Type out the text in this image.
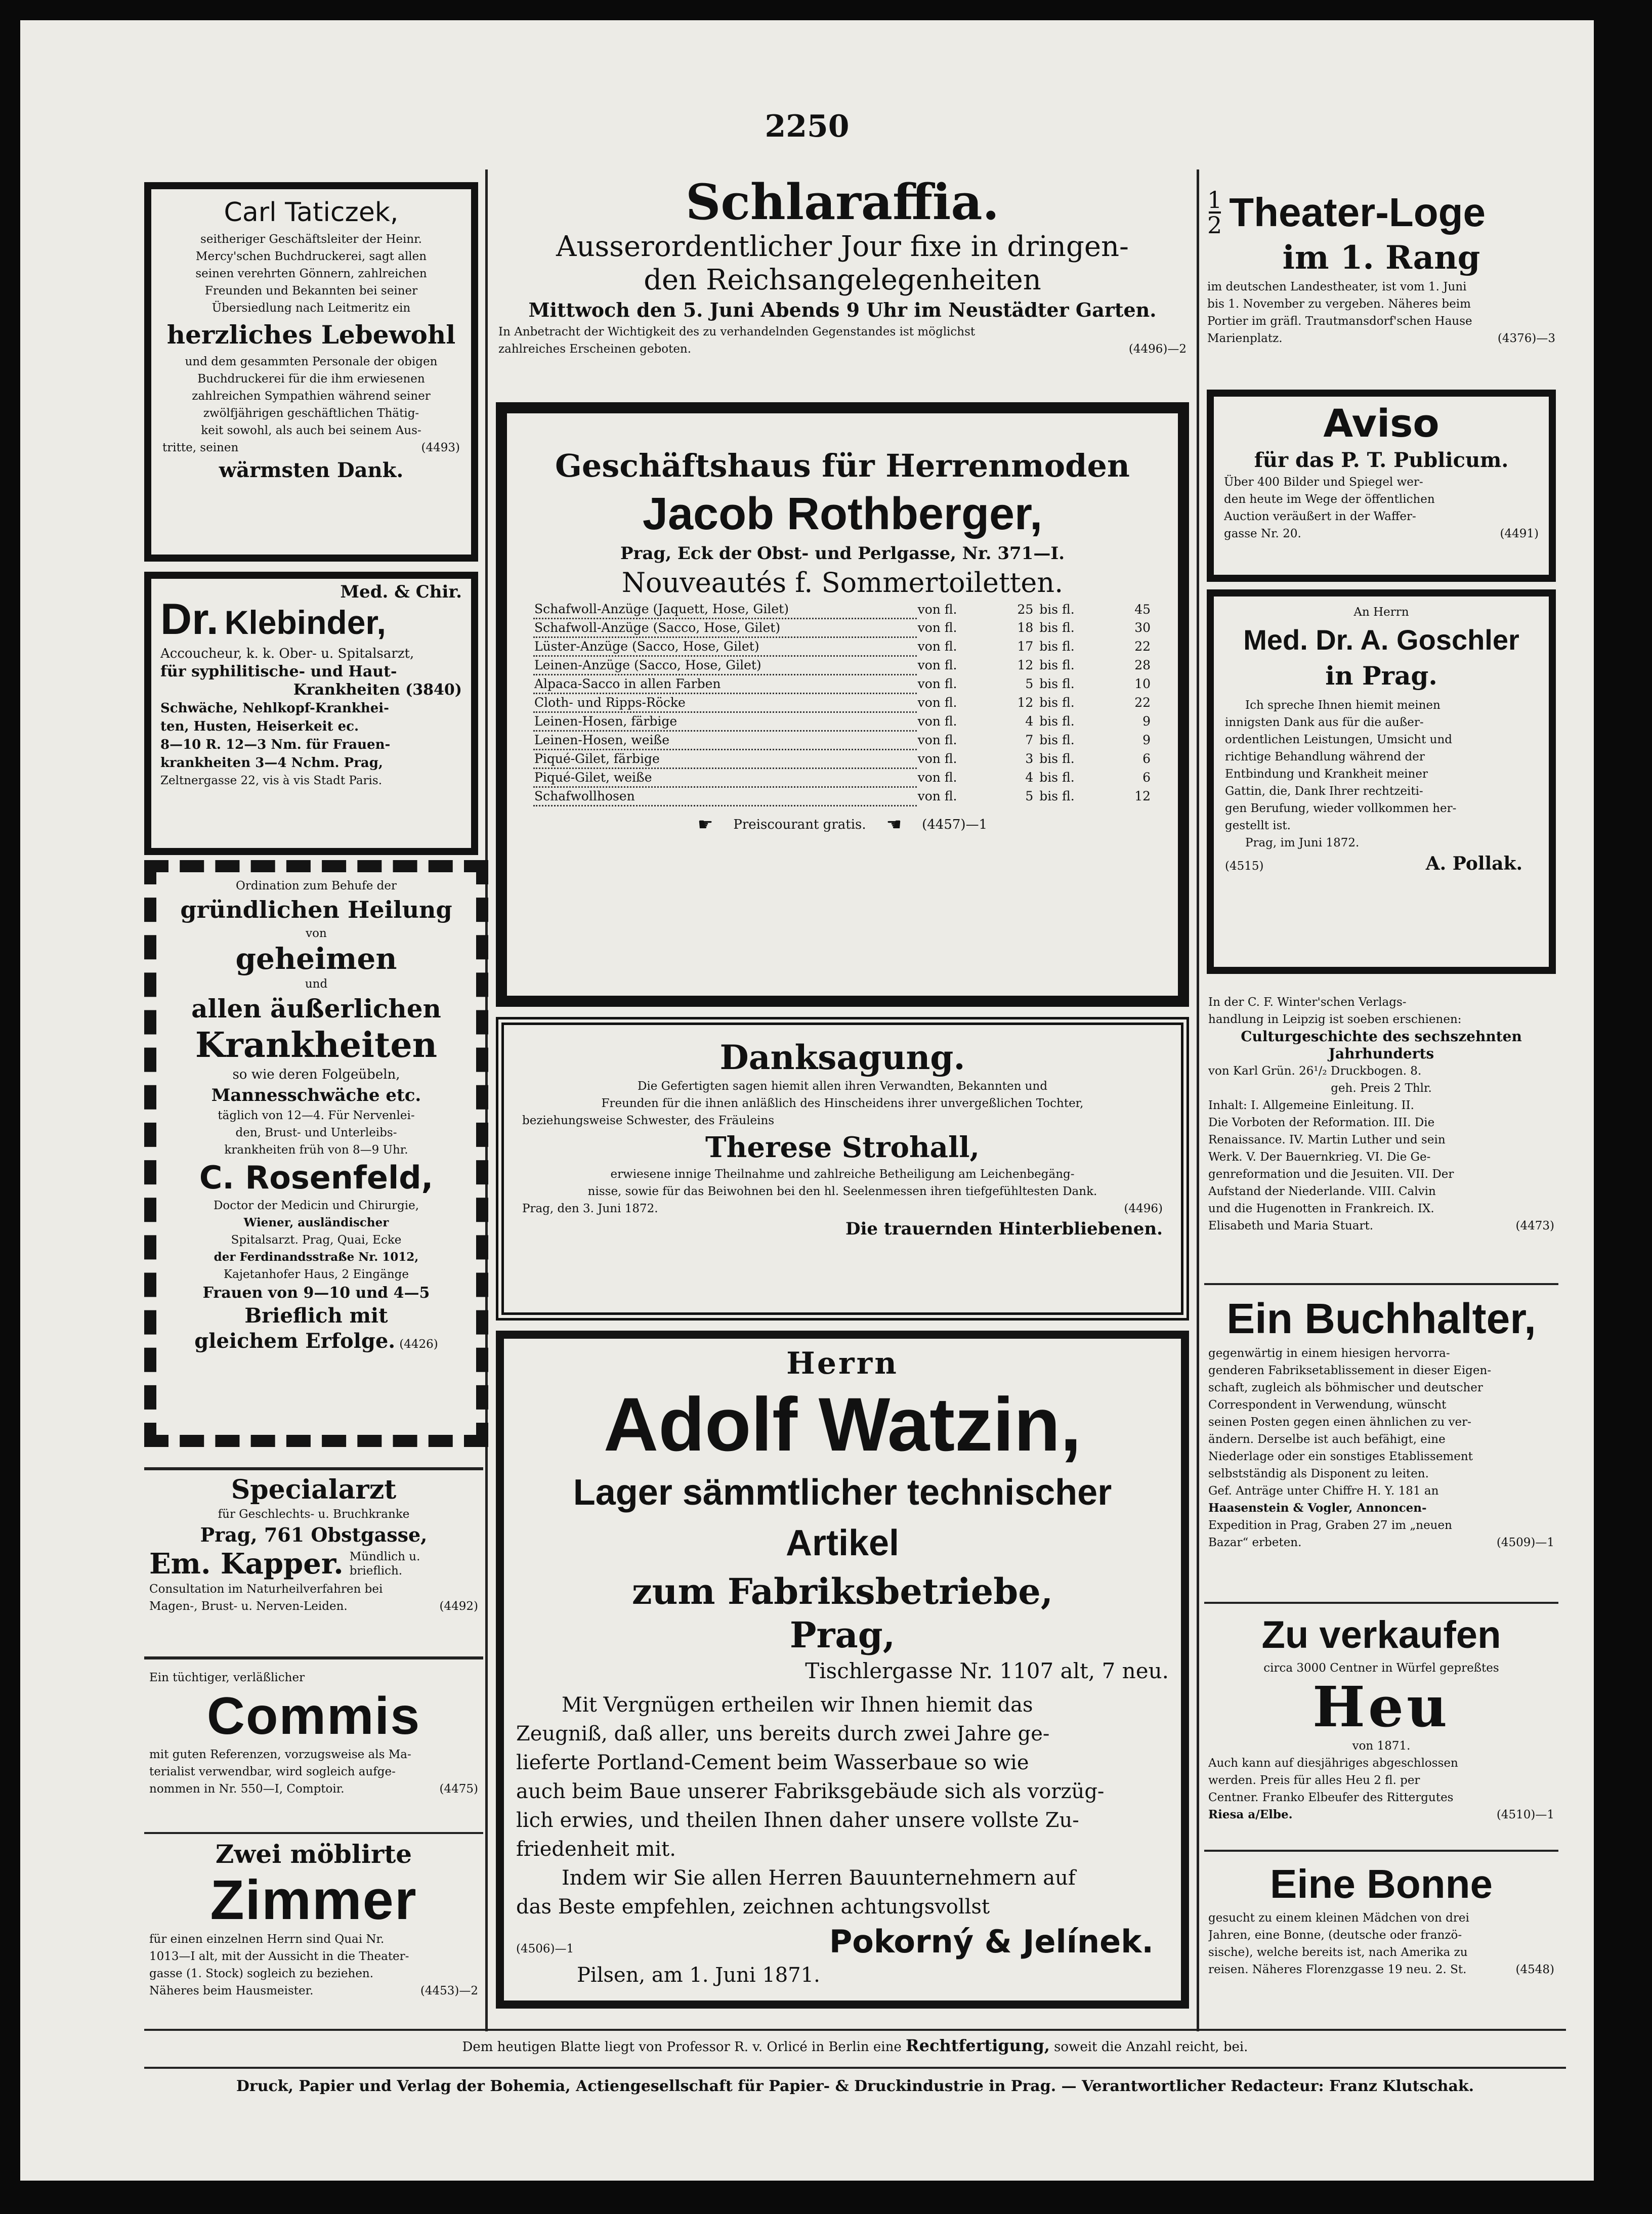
2250
Carl Taticzek,
seitheriger Geschäftsleiter der Heinr.
Mercy'schen Buchdruckerei, sagt allen
seinen verehrten Gönnern, zahlreichen
Freunden und Bekannten bei seiner
Übersiedlung nach Leitmeritz ein
herzliches Lebewohl
und dem gesammten Personale der obigen
Buchdruckerei für die ihm erwiesenen
zahlreichen Sympathien während seiner
zwölfjährigen geschäftlichen Thätig-
keit sowohl, als auch bei seinem Aus-
tritte, seinen	(4493)
wärmsten Dank.
Med. & Chir.
Dr. Klebinder,
Accoucheur, k. k. Ober- u. Spitalsarzt,
für syphilitische- und Haut-
Krankheiten (3840)
Schwäche, Nehlkopf-Krankhei-
ten, Husten, Heiserkeit ec.
8—10 R. 12—3 Nm. für Frauen-
krankheiten 3—4 Nchm. Prag,
Zeltnergasse 22, vis à vis Stadt Paris.
Ordination zum Behufe der
gründlichen Heilung
von
geheimen
und
allen äußerlichen
Krankheiten
so wie deren Folgeübeln,
Mannesschwäche etc.
täglich von 12—4. Für Nervenlei-
den, Brust- und Unterleibs-
krankheiten früh von 8—9 Uhr.
C. Rosenfeld,
Doctor der Medicin und Chirurgie,
Wiener, ausländischer
Spitalsarzt. Prag, Quai, Ecke
der Ferdinandsstraße Nr. 1012,
Kajetanhofer Haus, 2 Eingänge
Frauen von 9—10 und 4—5
Brieflich mit
gleichem Erfolge. (4426)
Specialarzt
für Geschlechts- u. Bruchkranke
Prag, 761 Obstgasse,
Em. Kapper. Mündlich u.
brieflich.
Consultation im Naturheilverfahren bei
Magen-, Brust- u. Nerven-Leiden.	(4492)
Ein tüchtiger, verläßlicher
Commis
mit guten Referenzen, vorzugsweise als Ma-
terialist verwendbar, wird sogleich aufge-
nommen in Nr. 550—I, Comptoir.	(4475)
Zwei möblirte
Zimmer
für einen einzelnen Herrn sind Quai Nr.
1013—I alt, mit der Aussicht in die Theater-
gasse (1. Stock) sogleich zu beziehen.
Näheres beim Hausmeister.	(4453)—2
Schlaraffia.
Ausserordentlicher Jour fixe in dringen-
den Reichsangelegenheiten
Mittwoch den 5. Juni Abends 9 Uhr im Neustädter Garten.
In Anbetracht der Wichtigkeit des zu verhandelnden Gegenstandes ist möglichst
zahlreiches Erscheinen geboten.	(4496)—2
Geschäftshaus für Herrenmoden
Jacob Rothberger,
Prag, Eck der Obst- und Perlgasse, Nr. 371—I.
Nouveautés f. Sommertoiletten.
Schafwoll-Anzüge (Jaquett, Hose, Gilet)	von fl.	25	bis fl.	45
Schafwoll-Anzüge (Sacco, Hose, Gilet)	von fl.	18	bis fl.	30
Lüster-Anzüge (Sacco, Hose, Gilet)	von fl.	17	bis fl.	22
Leinen-Anzüge (Sacco, Hose, Gilet)	von fl.	12	bis fl.	28
Alpaca-Sacco in allen Farben	von fl.	5	bis fl.	10
Cloth- und Ripps-Röcke	von fl.	12	bis fl.	22
Leinen-Hosen, färbige	von fl.	4	bis fl.	9
Leinen-Hosen, weiße	von fl.	7	bis fl.	9
Piqué-Gilet, färbige	von fl.	3	bis fl.	6
Piqué-Gilet, weiße	von fl.	4	bis fl.	6
Schafwollhosen	von fl.	5	bis fl.	12
☛ Preiscourant gratis. ☚ (4457)—1
Danksagung.
Die Gefertigten sagen hiemit allen ihren Verwandten, Bekannten und
Freunden für die ihnen anläßlich des Hinscheidens ihrer unvergeßlichen Tochter,
beziehungsweise Schwester, des Fräuleins
Therese Strohall,
erwiesene innige Theilnahme und zahlreiche Betheiligung am Leichenbegäng-
nisse, sowie für das Beiwohnen bei den hl. Seelenmessen ihren tiefgefühltesten Dank.
Prag, den 3. Juni 1872.	(4496)
Die trauernden Hinterbliebenen.
Herrn
Adolf Watzin,
Lager sämmtlicher technischer Artikel
zum Fabriksbetriebe,
Prag,
Tischlergasse Nr. 1107 alt, 7 neu.
Mit Vergnügen ertheilen wir Ihnen hiemit das
Zeugniß, daß aller, uns bereits durch zwei Jahre ge-
lieferte Portland-Cement beim Wasserbaue so wie
auch beim Baue unserer Fabriksgebäude sich als vorzüg-
lich erwies, und theilen Ihnen daher unsere vollste Zu-
friedenheit mit.
Indem wir Sie allen Herren Bauunternehmern auf
das Beste empfehlen, zeichnen achtungsvollst
(4506)—1	Pokorný & Jelínek.
Pilsen, am 1. Juni 1871.
1
2 Theater-Loge
im 1. Rang
im deutschen Landestheater, ist vom 1. Juni
bis 1. November zu vergeben. Näheres beim
Portier im gräfl. Trautmansdorf'schen Hause
Marienplatz.	(4376)—3
Aviso
für das P. T. Publicum.
Über 400 Bilder und Spiegel wer-
den heute im Wege der öffentlichen
Auction veräußert in der Waffer-
gasse Nr. 20.	(4491)
An Herrn
Med. Dr. A. Goschler
in Prag.
Ich spreche Ihnen hiemit meinen
innigsten Dank aus für die außer-
ordentlichen Leistungen, Umsicht und
richtige Behandlung während der
Entbindung und Krankheit meiner
Gattin, die, Dank Ihrer rechtzeiti-
gen Berufung, wieder vollkommen her-
gestellt ist.
Prag, im Juni 1872.
(4515)	A. Pollak.
In der C. F. Winter'schen Verlags-
handlung in Leipzig ist soeben erschienen:
Culturgeschichte des sechszehnten
Jahrhunderts
von Karl Grün. 26¹/₂ Druckbogen. 8.
geh. Preis 2 Thlr.
Inhalt: I. Allgemeine Einleitung. II.
Die Vorboten der Reformation. III. Die
Renaissance. IV. Martin Luther und sein
Werk. V. Der Bauernkrieg. VI. Die Ge-
genreformation und die Jesuiten. VII. Der
Aufstand der Niederlande. VIII. Calvin
und die Hugenotten in Frankreich. IX.
Elisabeth und Maria Stuart.	(4473)
Ein Buchhalter,
gegenwärtig in einem hiesigen hervorra-
genderen Fabriksetablissement in dieser Eigen-
schaft, zugleich als böhmischer und deutscher
Correspondent in Verwendung, wünscht
seinen Posten gegen einen ähnlichen zu ver-
ändern. Derselbe ist auch befähigt, eine
Niederlage oder ein sonstiges Etablissement
selbstständig als Disponent zu leiten.
Gef. Anträge unter Chiffre H. Y. 181 an
Haasenstein & Vogler, Annoncen-
Expedition in Prag, Graben 27 im „neuen
Bazar“ erbeten.	(4509)—1
Zu verkaufen
circa 3000 Centner in Würfel gepreßtes
Heu
von 1871.
Auch kann auf diesjähriges abgeschlossen
werden. Preis für alles Heu 2 fl. per
Centner. Franko Elbeufer des Rittergutes
Riesa a/Elbe.	(4510)—1
Eine Bonne
gesucht zu einem kleinen Mädchen von drei
Jahren, eine Bonne, (deutsche oder franzö-
sische), welche bereits ist, nach Amerika zu
reisen. Näheres Florenzgasse 19 neu. 2. St.	(4548)
Dem heutigen Blatte liegt von Professor R. v. Orlicé in Berlin eine Rechtfertigung, soweit die Anzahl reicht, bei.
Druck, Papier und Verlag der Bohemia, Actiengesellschaft für Papier- & Druckindustrie in Prag. — Verantwortlicher Redacteur: Franz Klutschak.
